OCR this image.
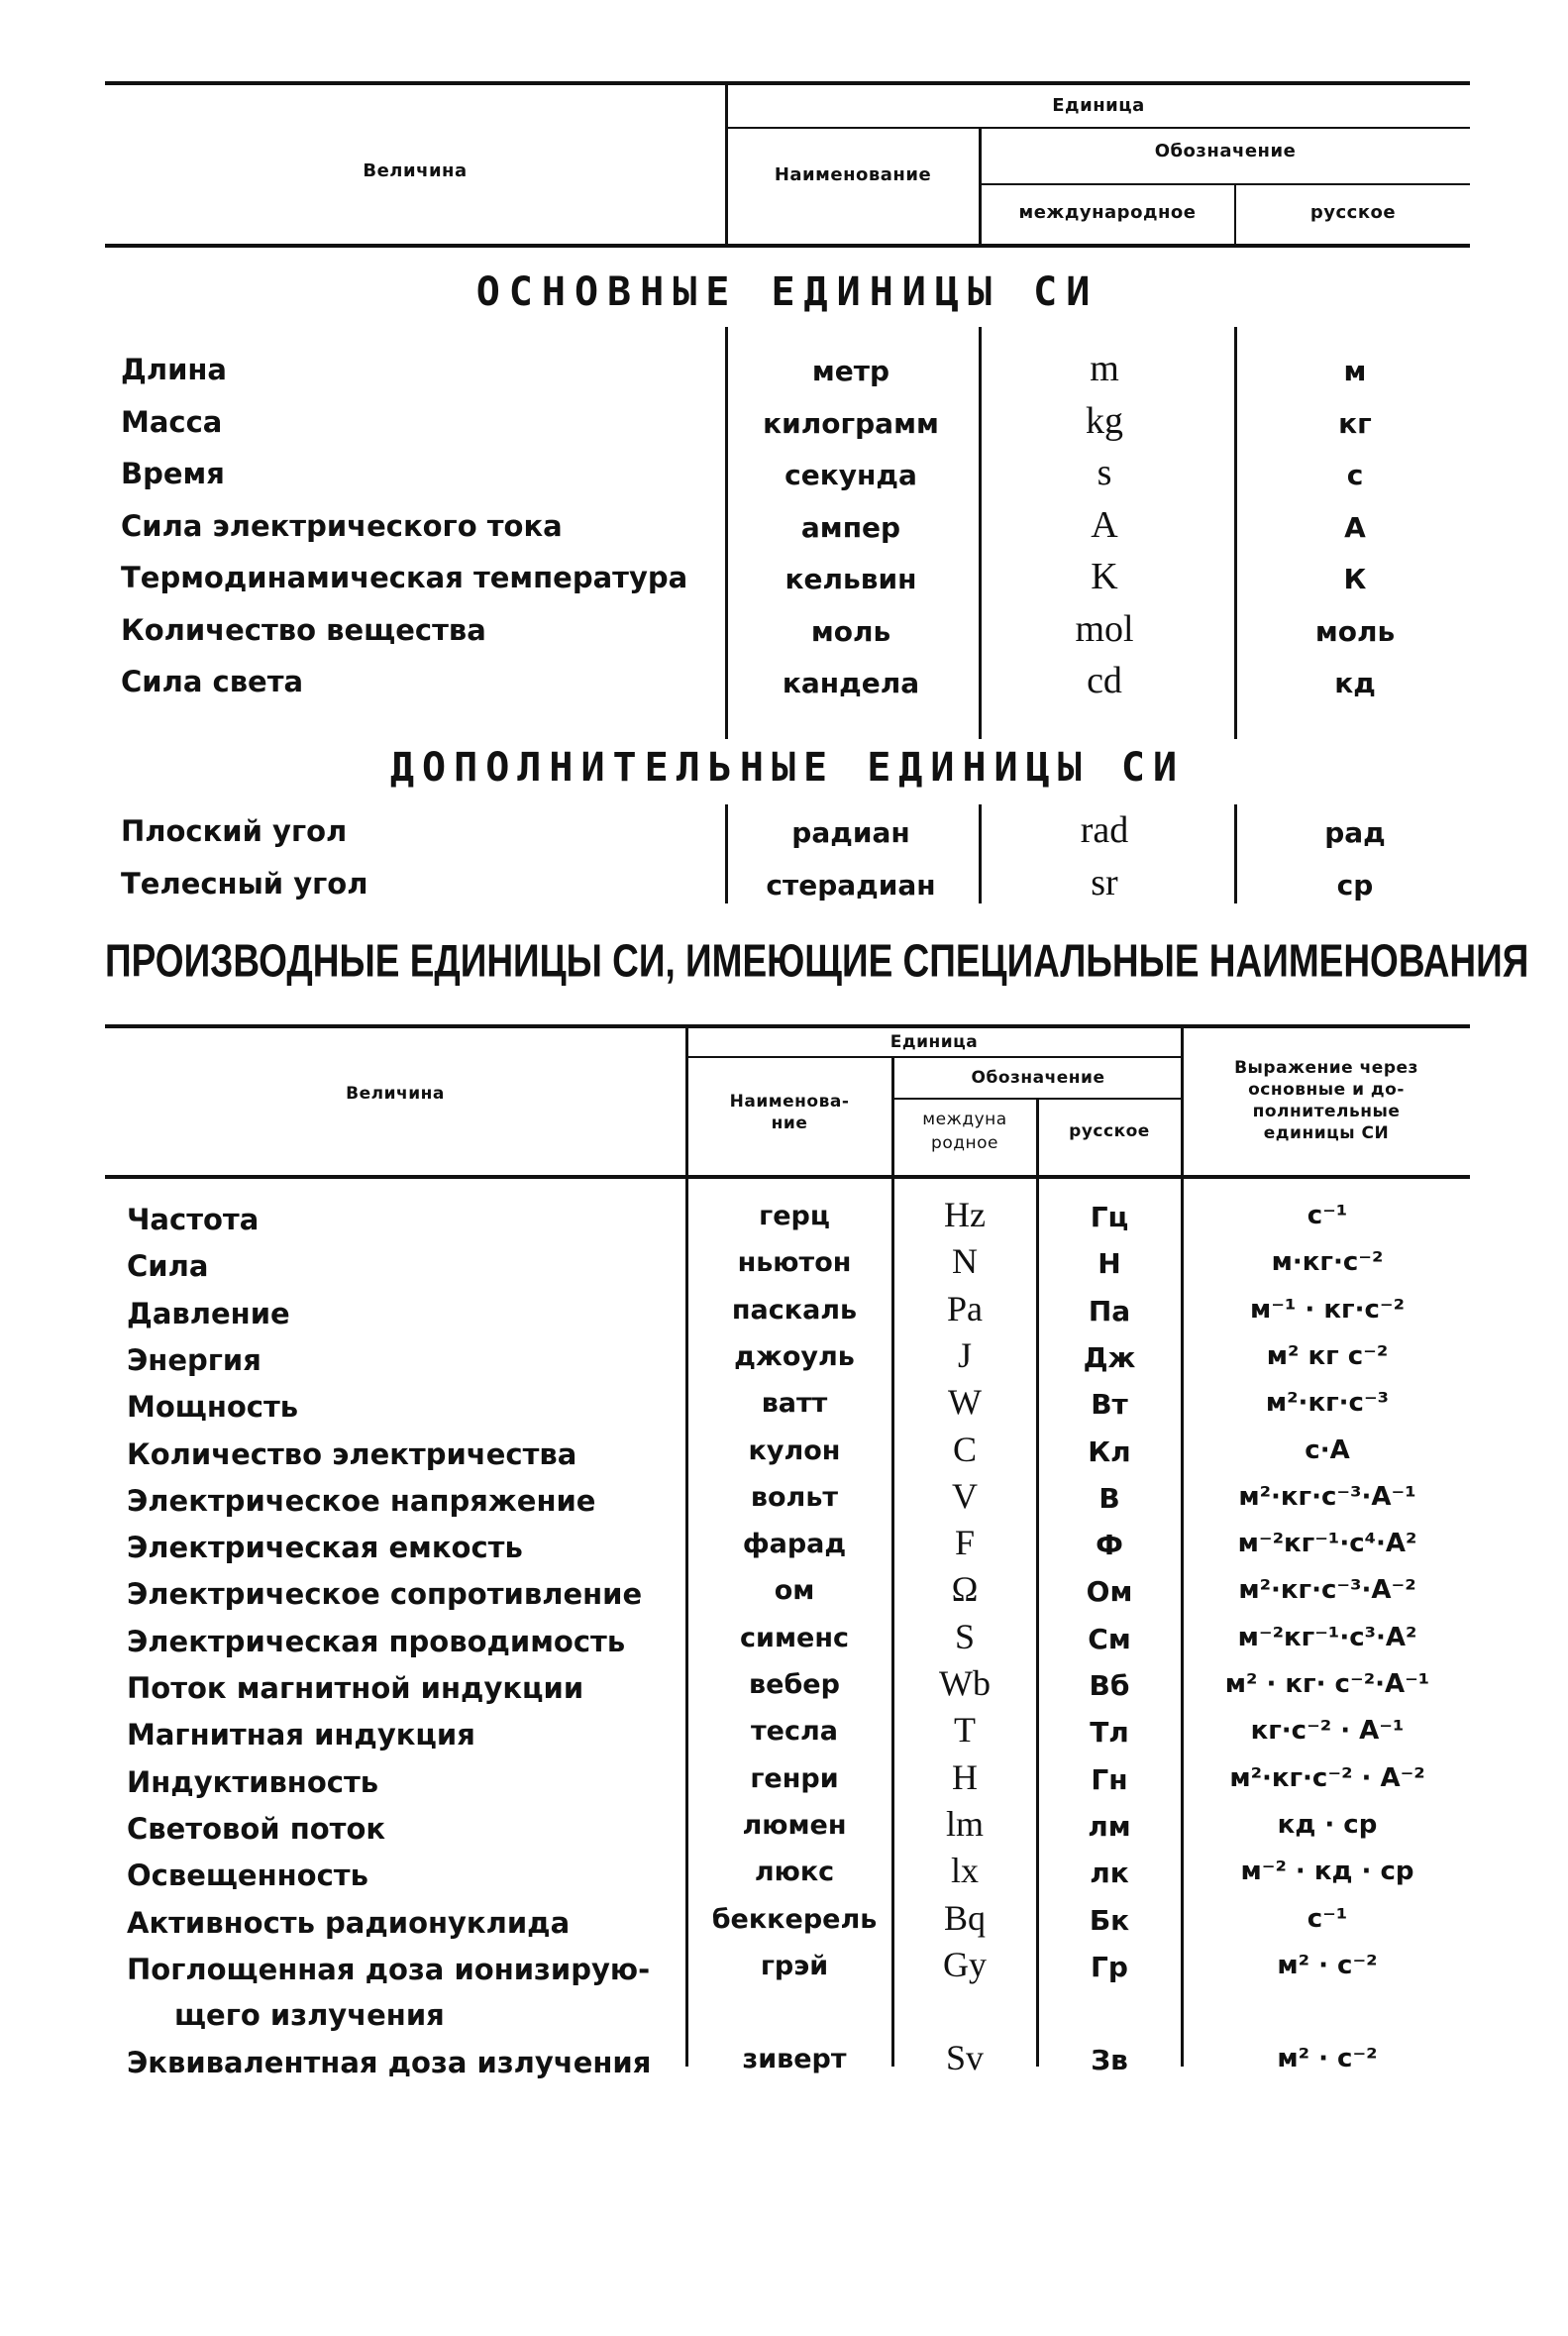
Величина
Единица
Наименование
Обозначение
международное	русское
ОСНОВНЫЕ ЕДИНИЦЫ СИ
Длина	метр	m	м
Масса	килограмм	kg	кг
Время	секунда	s	с
Сила электрического тока	ампер	A	А
Термодинамическая температура	кельвин	K	К
Количество вещества	моль	mol	моль
Сила света	кандела	cd	кд
ДОПОЛНИТЕЛЬНЫЕ ЕДИНИЦЫ СИ
Плоский угол	радиан	rad	рад
Телесный угол	стерадиан	sr	ср
ПРОИЗВОДНЫЕ ЕДИНИЦЫ СИ, ИМЕЮЩИЕ СПЕЦИАЛЬНЫЕ НАИМЕНОВАНИЯ
Величина
Единица
Наименова-
ние
Обозначение
междуна
родное
русское
Выражение через
основные и до-
полнительные
единицы СИ
Частота	герц	Hz	Гц	с⁻¹
Сила	ньютон	N	Н	м·кг·с⁻²
Давление	паскаль	Pa	Па	м⁻¹ · кг·с⁻²
Энергия	джоуль	J	Дж	м² кг с⁻²
Мощность	ватт	W	Вт	м²·кг·с⁻³
Количество электричества	кулон	C	Кл	с·А
Электрическое напряжение	вольт	V	В	м²·кг·с⁻³·А⁻¹
Электрическая емкость	фарад	F	Ф	м⁻²кг⁻¹·с⁴·А²
Электрическое сопротивление	ом	Ω	Ом	м²·кг·с⁻³·А⁻²
Электрическая проводимость	сименс	S	См	м⁻²кг⁻¹·с³·А²
Поток магнитной индукции	вебер	Wb	Вб	м² · кг· с⁻²·А⁻¹
Магнитная индукция	тесла	T	Тл	кг·с⁻² · А⁻¹
Индуктивность	генри	H	Гн	м²·кг·с⁻² · А⁻²
Световой поток	люмен	lm	лм	кд · ср
Освещенность	люкс	lx	лк	м⁻² · кд · ср
Активность радионуклида	беккерель	Bq	Бк	с⁻¹
Поглощенная доза ионизирую-	грэй	Gy	Гр	м² · с⁻²
щего излучения
Эквивалентная доза излучения	зиверт	Sv	Зв	м² · с⁻²
